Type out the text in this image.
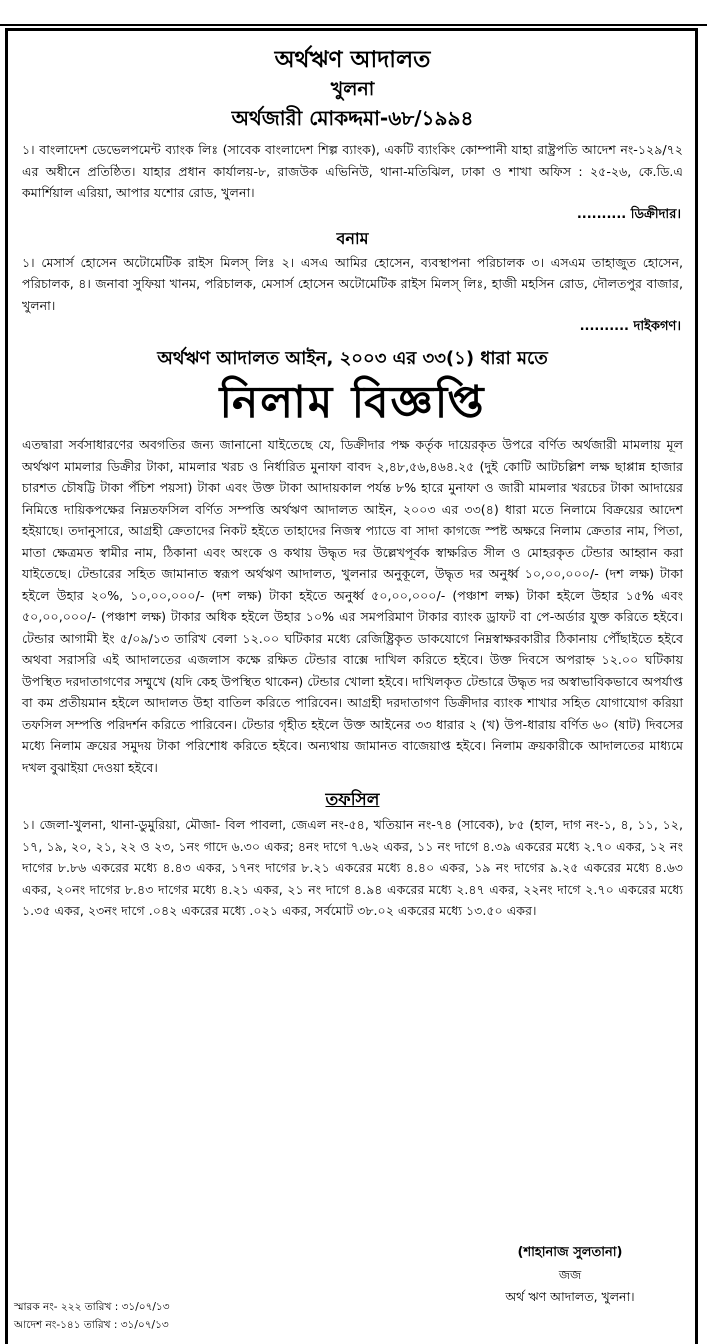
অর্থঋণ আদালত
খুলনা
অর্থজারী মোকদ্দমা-৬৮/১৯৯৪

১। বাংলাদেশ ডেভেলপমেন্ট ব্যাংক লিঃ (সাবেক বাংলাদেশ শিল্প ব্যাংক), একটি ব্যাংকিং কোম্পানী যাহা রাষ্ট্রপতি আদেশ নং-১২৯/৭২ এর অধীনে প্রতিষ্ঠিত। যাহার প্রধান কার্যালয়-৮, রাজউক এভিনিউ, থানা-মতিঝিল, ঢাকা ও শাখা অফিস : ২৫-২৬, কে.ডি.এ কমার্শিয়াল এরিয়া, আপার যশোর রোড, খুলনা।

.......... ডিক্রীদার।
বনাম

১। মেসার্স হোসেন অটোমেটিক রাইস মিলস্ লিঃ ২। এসএ আমির হোসেন, ব্যবস্থাপনা পরিচালক ৩। এসএম তাহাজুত হোসেন, পরিচালক, ৪। জনাবা সুফিয়া খানম, পরিচালক, মেসার্স হোসেন অটোমেটিক রাইস মিলস্ লিঃ, হাজী মহসিন রোড, দৌলতপুর বাজার, খুলনা।

.......... দাইকগণ।
অর্থঋণ আদালত আইন, ২০০৩ এর ৩৩(১) ধারা মতে
নিলাম বিজ্ঞপ্তি

এতদ্বারা সর্বসাধারণের অবগতির জন্য জানানো যাইতেছে যে, ডিক্রীদার পক্ষ কর্তৃক দায়েরকৃত উপরে বর্ণিত অর্থজারী মামলায় মূল অর্থঋণ মামলার ডিক্রীর টাকা, মামলার খরচ ও নির্ধারিত মুনাফা বাবদ ২,৪৮,৫৬,৪৬৪.২৫ (দুই কোটি আটচল্লিশ লক্ষ ছাপ্পান্ন হাজার চারশত চৌষট্টি টাকা পঁচিশ পয়সা) টাকা এবং উক্ত টাকা আদায়কাল পর্যন্ত ৮% হারে মুনাফা ও জারী মামলার খরচের টাকা আদায়ের নিমিত্তে দায়িকপক্ষের নিম্নতফসিল বর্ণিত সম্পত্তি অর্থঋণ আদালত আইন, ২০০৩ এর ৩৩(৪) ধারা মতে নিলামে বিক্রয়ের আদেশ হইয়াছে। তদানুসারে, আগ্রহী ক্রেতাদের নিকট হইতে তাহাদের নিজস্ব প্যাডে বা সাদা কাগজে স্পষ্ট অক্ষরে নিলাম ক্রেতার নাম, পিতা, মাতা ক্ষেত্রমত স্বামীর নাম, ঠিকানা এবং অংকে ও কথায় উদ্ধৃত দর উল্লেখপূর্বক স্বাক্ষরিত সীল ও মোহরকৃত টেন্ডার আহ্বান করা যাইতেছে। টেন্ডারের সহিত জামানাত স্বরূপ অর্থঋণ আদালত, খুলনার অনুকূলে, উদ্ধৃত দর অনুর্ধ্ব ১০,০০,০০০/- (দশ লক্ষ) টাকা হইলে উহার ২০%, ১০,০০,০০০/- (দশ লক্ষ) টাকা হইতে অনুর্ধ্ব ৫০,০০,০০০/- (পঞ্চাশ লক্ষ) টাকা হইলে উহার ১৫% এবং ৫০,০০,০০০/- (পঞ্চাশ লক্ষ) টাকার অধিক হইলে উহার ১০% এর সমপরিমাণ টাকার ব্যাংক ড্রাফট বা পে-অর্ডার যুক্ত করিতে হইবে। টেন্ডার আগামী ইং ৫/০৯/১৩ তারিখ বেলা ১২.০০ ঘটিকার মধ্যে রেজিষ্ট্রিকৃত ডাকযোগে নিম্নস্বাক্ষরকারীর ঠিকানায় পৌঁছাইতে হইবে অথবা সরাসরি এই আদালতের এজলাস কক্ষে রক্ষিত টেন্ডার বাক্সে দাখিল করিতে হইবে। উক্ত দিবসে অপরাহ্ন ১২.০০ ঘটিকায় উপস্থিত দরদাতাগণের সম্মুখে (যদি কেহ উপস্থিত থাকেন) টেন্ডার খোলা হইবে। দাখিলকৃত টেন্ডারে উদ্ধৃত দর অস্বাভাবিকভাবে অপর্যাপ্ত বা কম প্রতীয়মান হইলে আদালত উহা বাতিল করিতে পারিবেন। আগ্রহী দরদাতাগণ ডিক্রীদার ব্যাংক শাখার সহিত যোগাযোগ করিয়া তফসিল সম্পত্তি পরিদর্শন করিতে পারিবেন। টেন্ডার গৃহীত হইলে উক্ত আইনের ৩৩ ধারার ২ (খ) উপ-ধারায় বর্ণিত ৬০ (ষাট) দিবসের মধ্যে নিলাম ক্রয়ের সমুদয় টাকা পরিশোধ করিতে হইবে। অন্যথায় জামানত বাজেয়াপ্ত হইবে। নিলাম ক্রয়কারীকে আদালতের মাধ্যমে দখল বুঝাইয়া দেওয়া হইবে।

তফসিল

১। জেলা-খুলনা, থানা-ডুমুরিয়া, মৌজা- বিল পাবলা, জেএল নং-৫৪, খতিয়ান নং-৭৪ (সাবেক), ৮৫ (হাল, দাগ নং-১, ৪, ১১, ১২, ১৭, ১৯, ২০, ২১, ২২ ও ২৩, ১নং গাদে ৬.৩০ একর; ৪নং দাগে ৭.৬২ একর, ১১ নং দাগে ৪.৩৯ একরের মধ্যে ২.৭০ একর, ১২ নং দাগের ৮.৮৬ একরের মধ্যে ৪.৪৩ একর, ১৭নং দাগের ৮.২১ একরের মধ্যে ৪.৪০ একর, ১৯ নং দাগের ৯.২৫ একরের মধ্যে ৪.৬৩ একর, ২০নং দাগের ৮.৪৩ দাগের মধ্যে ৪.২১ একর, ২১ নং দাগে ৪.৯৪ একরের মধ্যে ২.৪৭ একর, ২২নং দাগে ২.৭০ একরের মধ্যে ১.৩৫ একর, ২৩নং দাগে .০৪২ একরের মধ্যে .০২১ একর, সর্বমোট ৩৮.০২ একরের মধ্যে ১৩.৫০ একর।

(শাহানাজ সুলতানা)
জজ
অর্থ ঋণ আদালত, খুলনা।
স্মারক নং- ২২২ তারিখ : ৩১/০৭/১৩
আদেশ নং-১৪১ তারিখ : ৩১/০৭/১৩
